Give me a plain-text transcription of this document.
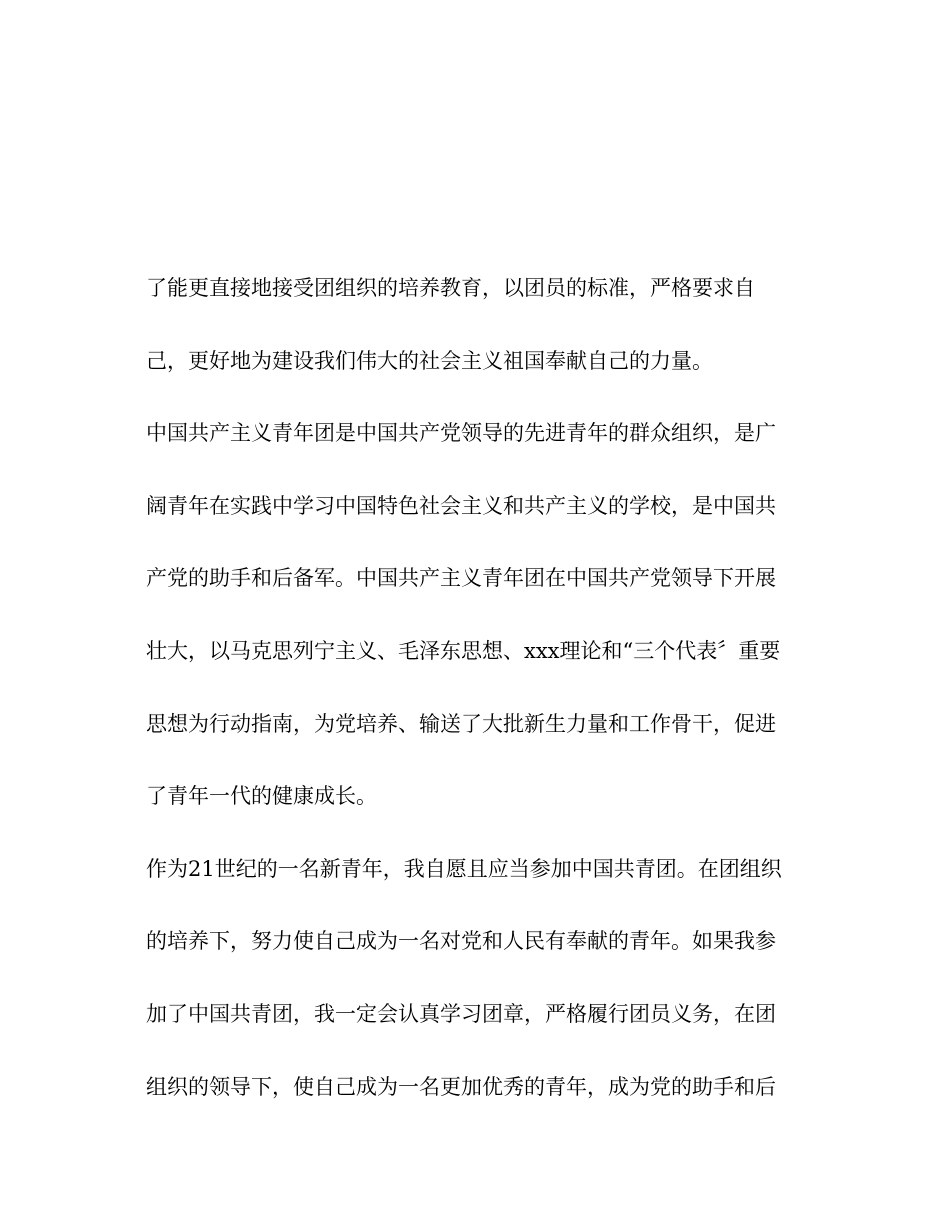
了能更直接地接受团组织的培养教育，以团员的标准，严格要求自
己，更好地为建设我们伟大的社会主义祖国奉献自己的力量。
中国共产主义青年团是中国共产党领导的先进青年的群众组织，是广
阔青年在实践中学习中国特色社会主义和共产主义的学校，是中国共
产党的助手和后备军。中国共产主义青年团在中国共产党领导下开展
壮大，以马克思列宁主义、毛泽东思想、xxx理论和“三个代表〞重要
思想为行动指南，为党培养、输送了大批新生力量和工作骨干，促进
了青年一代的健康成长。
作为21世纪的一名新青年，我自愿且应当参加中国共青团。在团组织
的培养下，努力使自己成为一名对党和人民有奉献的青年。如果我参
加了中国共青团，我一定会认真学习团章，严格履行团员义务，在团
组织的领导下，使自己成为一名更加优秀的青年，成为党的助手和后
